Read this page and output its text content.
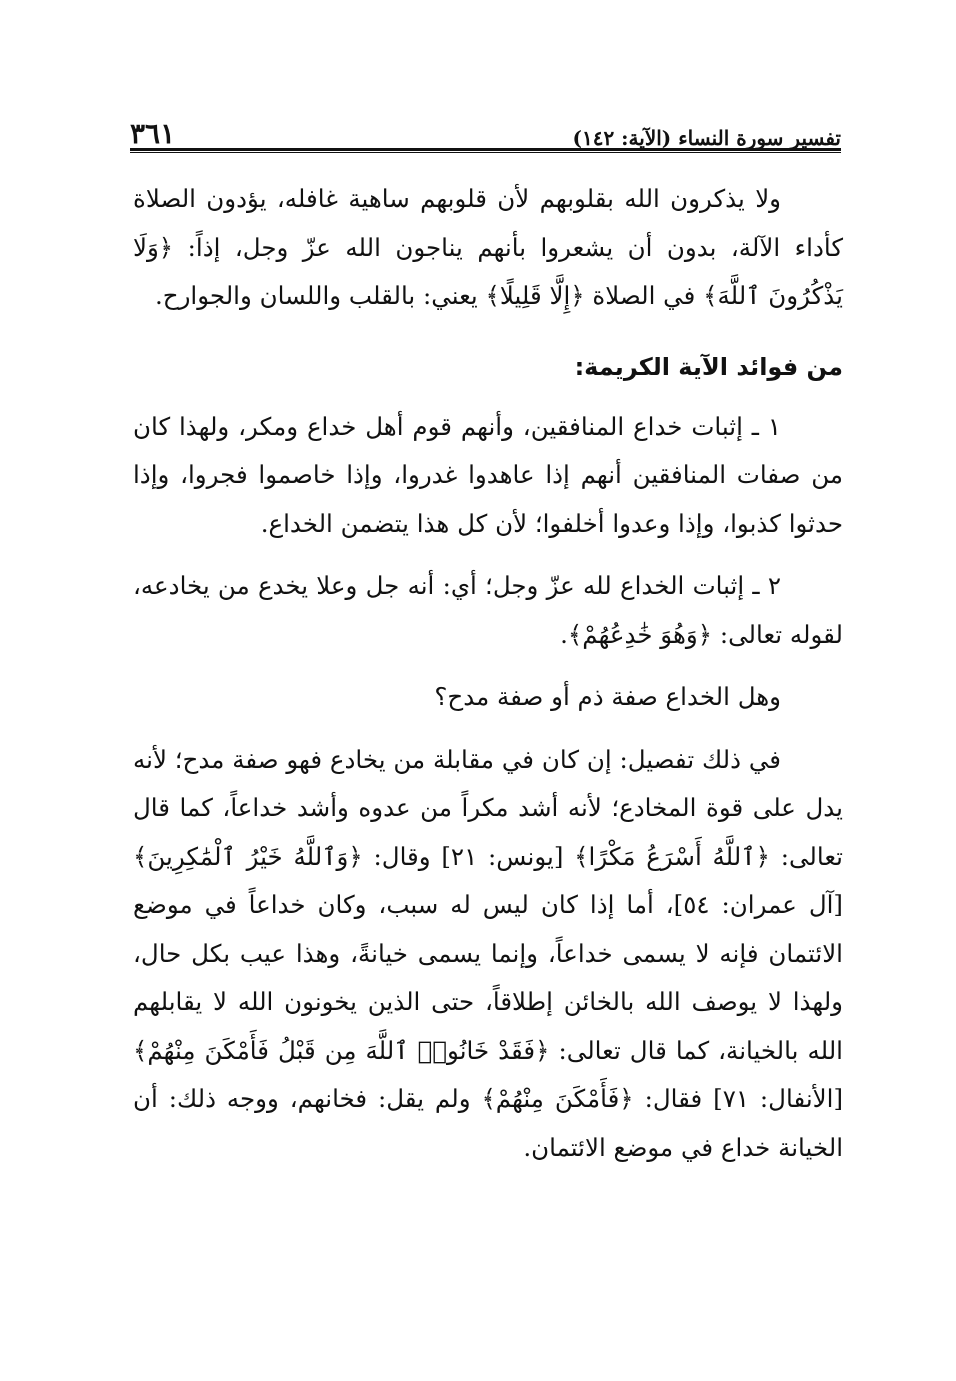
٣٦١	تفسير سورة النساء (الآية: ١٤٢)

ولا يذكرون الله بقلوبهم لأن قلوبهم ساهية غافله، يؤدون الصلاة كأداء الآلة، بدون أن يشعروا بأنهم يناجون الله عزّ وجل، إذاً: ﴿وَلَا يَذْكُرُونَ ٱللَّهَ﴾ في الصلاة ﴿إِلَّا قَلِيلًا﴾ يعني: بالقلب واللسان والجوارح.

من فوائد الآية الكريمة:

١ ـ إثبات خداع المنافقين، وأنهم قوم أهل خداع ومكر، ولهذا كان من صفات المنافقين أنهم إذا عاهدوا غدروا، وإذا خاصموا فجروا، وإذا حدثوا كذبوا، وإذا وعدوا أخلفوا؛ لأن كل هذا يتضمن الخداع.

٢ ـ إثبات الخداع لله عزّ وجل؛ أي: أنه جل وعلا يخدع من يخادعه، لقوله تعالى: ﴿وَهُوَ خَٰدِعُهُمْ﴾.

وهل الخداع صفة ذم أو صفة مدح؟

في ذلك تفصيل: إن كان في مقابلة من يخادع فهو صفة مدح؛ لأنه يدل على قوة المخادع؛ لأنه أشد مكراً من عدوه وأشد خداعاً، كما قال تعالى: ﴿ٱللَّهُ أَسْرَعُ مَكْرًا﴾ [يونس: ٢١] وقال: ﴿وَٱللَّهُ خَيْرُ ٱلْمَٰكِرِينَ﴾ [آل عمران: ٥٤]، أما إذا كان ليس له سبب، وكان خداعاً في موضع الائتمان فإنه لا يسمى خداعاً، وإنما يسمى خيانةً، وهذا عيب بكل حال، ولهذا لا يوصف الله بالخائن إطلاقاً، حتى الذين يخونون الله لا يقابلهم الله بالخيانة، كما قال تعالى: ﴿فَقَدْ خَانُوا۟ ٱللَّهَ مِن قَبْلُ فَأَمْكَنَ مِنْهُمْ﴾ [الأنفال: ٧١] فقال: ﴿فَأَمْكَنَ مِنْهُمْ﴾ ولم يقل: فخانهم، ووجه ذلك: أن الخيانة خداع في موضع الائتمان.
